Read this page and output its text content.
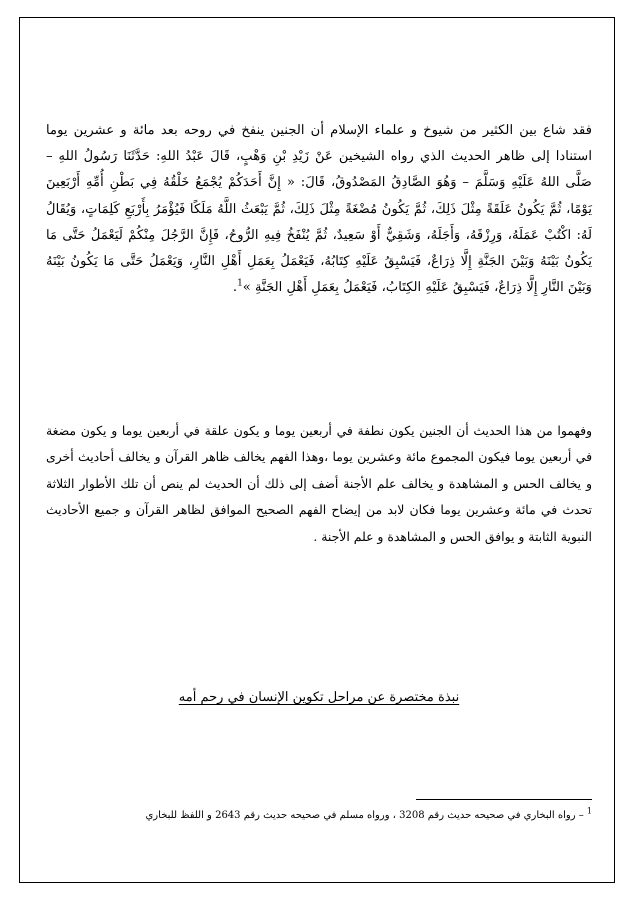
فقد شاع بين الكثير من شيوخ و علماء الإسلام أن الجنين ينفخ في روحه بعد مائة و عشرين يوما استنادا إلى ظاهر الحديث الذي رواه الشيخين عَنْ زَيْدِ بْنِ وَهْبٍ، قَالَ عَبْدُ اللهِ: حَدَّثَنَا رَسُولُ اللهِ – صَلَّى اللهُ عَلَيْهِ وَسَلَّمَ – وَهُوَ الصَّادِقُ المَصْدُوقُ، قَالَ: « إِنَّ أَحَدَكُمْ يُجْمَعُ خَلْقُهُ فِي بَطْنِ أُمِّهِ أَرْبَعِينَ يَوْمًا، ثُمَّ يَكُونُ عَلَقَةً مِثْلَ ذَلِكَ، ثُمَّ يَكُونُ مُضْغَةً مِثْلَ ذَلِكَ، ثُمَّ يَبْعَثُ اللَّهُ مَلَكًا فَيُؤْمَرُ بِأَرْبَعِ كَلِمَاتٍ، وَيُقَالُ لَهُ: اكْتُبْ عَمَلَهُ، وَرِزْقَهُ، وَأَجَلَهُ، وَشَقِيٌّ أَوْ سَعِيدٌ، ثُمَّ يُنْفَخُ فِيهِ الرُّوحُ، فَإِنَّ الرَّجُلَ مِنْكُمْ لَيَعْمَلُ حَتَّى مَا يَكُونُ بَيْنَهُ وَبَيْنَ الجَنَّةِ إِلَّا ذِرَاعٌ، فَيَسْبِقُ عَلَيْهِ كِتَابُهُ، فَيَعْمَلُ بِعَمَلِ أَهْلِ النَّارِ، وَيَعْمَلُ حَتَّى مَا يَكُونُ بَيْنَهُ وَبَيْنَ النَّارِ إِلَّا ذِرَاعٌ، فَيَسْبِقُ عَلَيْهِ الكِتَابُ، فَيَعْمَلُ بِعَمَلِ أَهْلِ الجَنَّةِ »$^1$.

وفهموا من هذا الحديث أن الجنين يكون نطفة في أربعين يوما و يكون علقة في أربعين يوما و يكون مضغة في أربعين يوما فيكون المجموع مائة وعشرين يوما ،وهذا الفهم يخالف ظاهر القرآن و يخالف أحاديث أخرى و يخالف الحس و المشاهدة و يخالف علم الأجنة أضف إلى ذلك أن الحديث لم ينص أن تلك الأطوار الثلاثة تحدث في مائة وعشرين يوما فكان لابد من إيضاح الفهم الصحيح الموافق لظاهر القرآن و جميع الأحاديث النبوية الثابتة و يوافق الحس و المشاهدة و علم الأجنة .

نبذة مختصرة عن مراحل تكوين الإنسان في رحم أمه
$^1$ – رواه البخاري في صحيحه حديث رقم 3208 ، ورواه مسلم في صحيحه حديث رقم 2643 و اللفظ للبخاري
